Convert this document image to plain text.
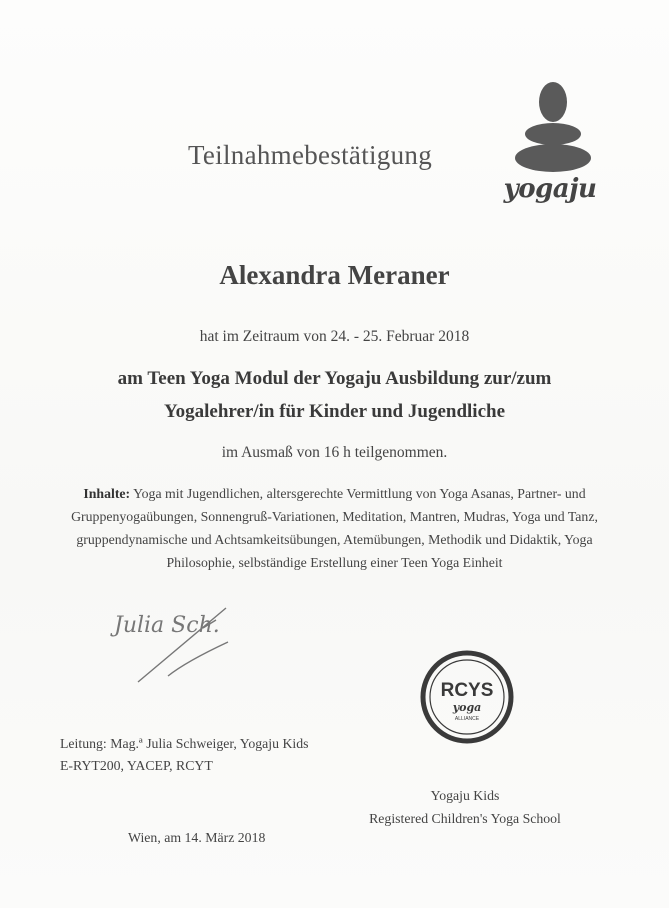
Teilnahmebestätigung
yogaju
Alexandra Meraner
hat im Zeitraum von 24. - 25. Februar 2018
am Teen Yoga Modul der Yogaju Ausbildung zur/zum
Yogalehrer/in für Kinder und Jugendliche
im Ausmaß von 16 h teilgenommen.
Inhalte: Yoga mit Jugendlichen, altersgerechte Vermittlung von Yoga Asanas, Partner- und Gruppenyogaübungen, Sonnengruß-Variationen, Meditation, Mantren, Mudras, Yoga und Tanz, gruppendynamische und Achtsamkeitsübungen, Atemübungen, Methodik und Didaktik, Yoga Philosophie, selbständige Erstellung einer Teen Yoga Einheit
Julia Sch.
RCYS
yoga
ALLIANCE
Leitung: Mag.ª Julia Schweiger, Yogaju Kids
E-RYT200, YACEP, RCYT
Yogaju Kids
Registered Children's Yoga School
Wien, am 14. März 2018
